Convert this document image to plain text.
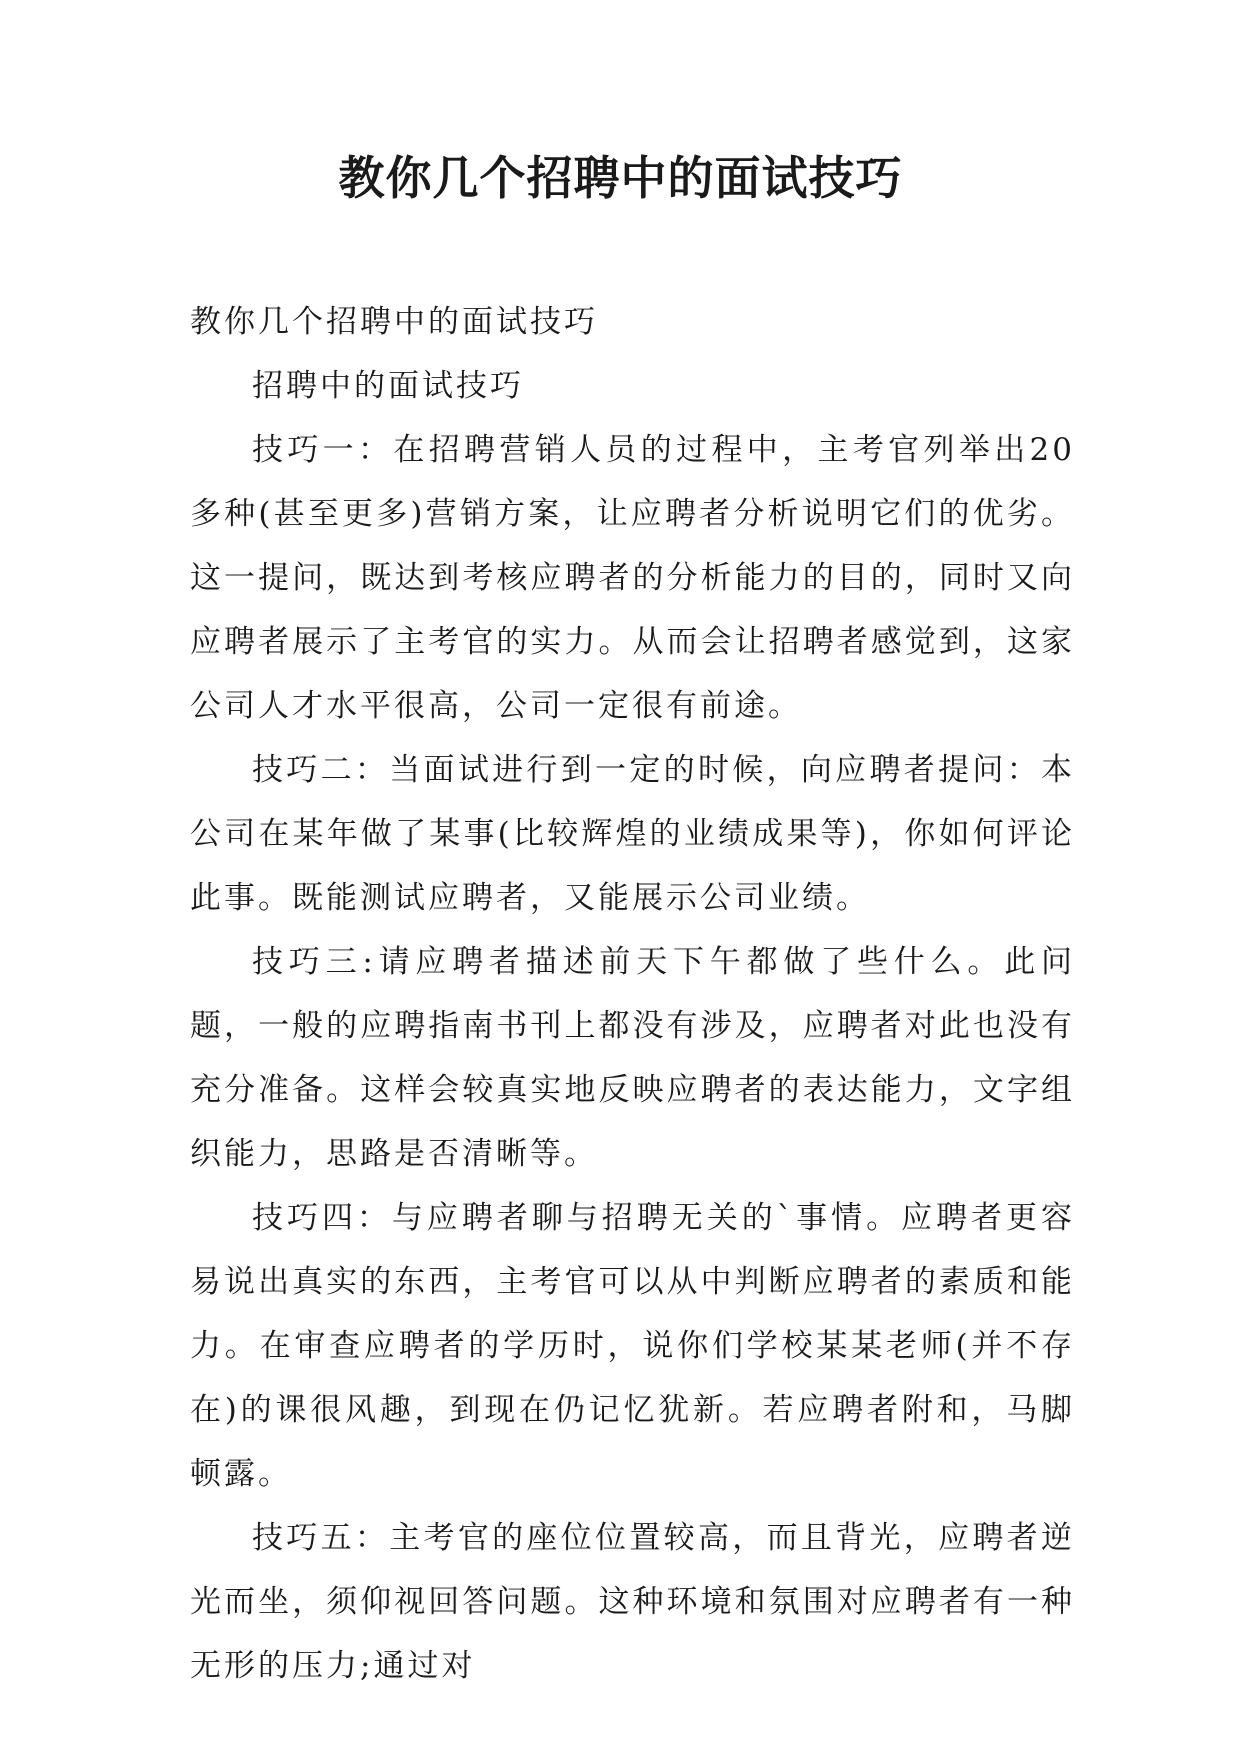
教你几个招聘中的面试技巧

教你几个招聘中的面试技巧

招聘中的面试技巧

技巧一：在招聘营销人员的过程中，主考官列举出20多种(甚至更多)营销方案，让应聘者分析说明它们的优劣。这一提问，既达到考核应聘者的分析能力的目的，同时又向应聘者展示了主考官的实力。从而会让招聘者感觉到，这家公司人才水平很高，公司一定很有前途。

技巧二：当面试进行到一定的时候，向应聘者提问：本公司在某年做了某事(比较辉煌的业绩成果等)，你如何评论此事。既能测试应聘者，又能展示公司业绩。

技巧三:请应聘者描述前天下午都做了些什么。此问题，一般的应聘指南书刊上都没有涉及，应聘者对此也没有充分准备。这样会较真实地反映应聘者的表达能力，文字组织能力，思路是否清晰等。

技巧四：与应聘者聊与招聘无关的`事情。应聘者更容易说出真实的东西，主考官可以从中判断应聘者的素质和能力。在审查应聘者的学历时，说你们学校某某老师(并不存在)的课很风趣，到现在仍记忆犹新。若应聘者附和，马脚顿露。

技巧五：主考官的座位位置较高，而且背光，应聘者逆光而坐，须仰视回答问题。这种环境和氛围对应聘者有一种无形的压力;通过对
